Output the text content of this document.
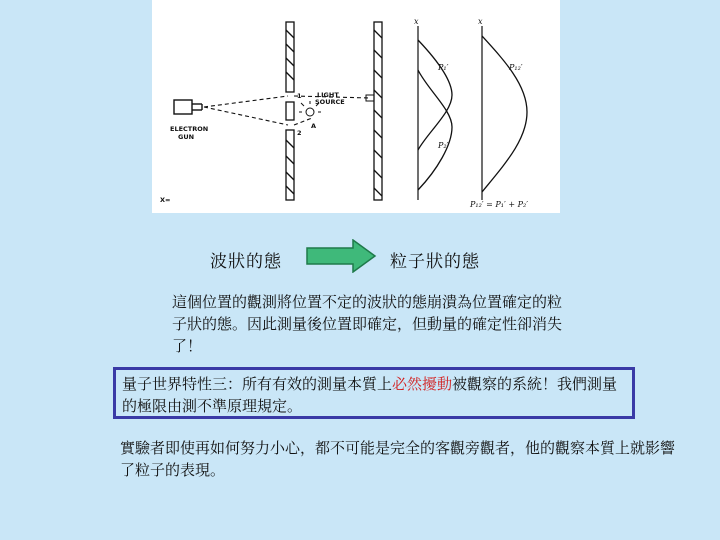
ELECTRON
GUN
1
2
LIGHT
SOURCE
A
x
P₁′
P₂′
x
P₁₂′
X=	P₁₂′ = P₁′ + P₂′
波狀的態	粒子狀的態
這個位置的觀測將位置不定的波狀的態崩潰為位置確定的粒子狀的態。因此測量後位置即確定，但動量的確定性卻消失了！
量子世界特性三：所有有效的測量本質上必然擾動被觀察的系統！我們測量的極限由測不準原理規定。
實驗者即使再如何努力小心，都不可能是完全的客觀旁觀者，他的觀察本質上就影響了粒子的表現。
